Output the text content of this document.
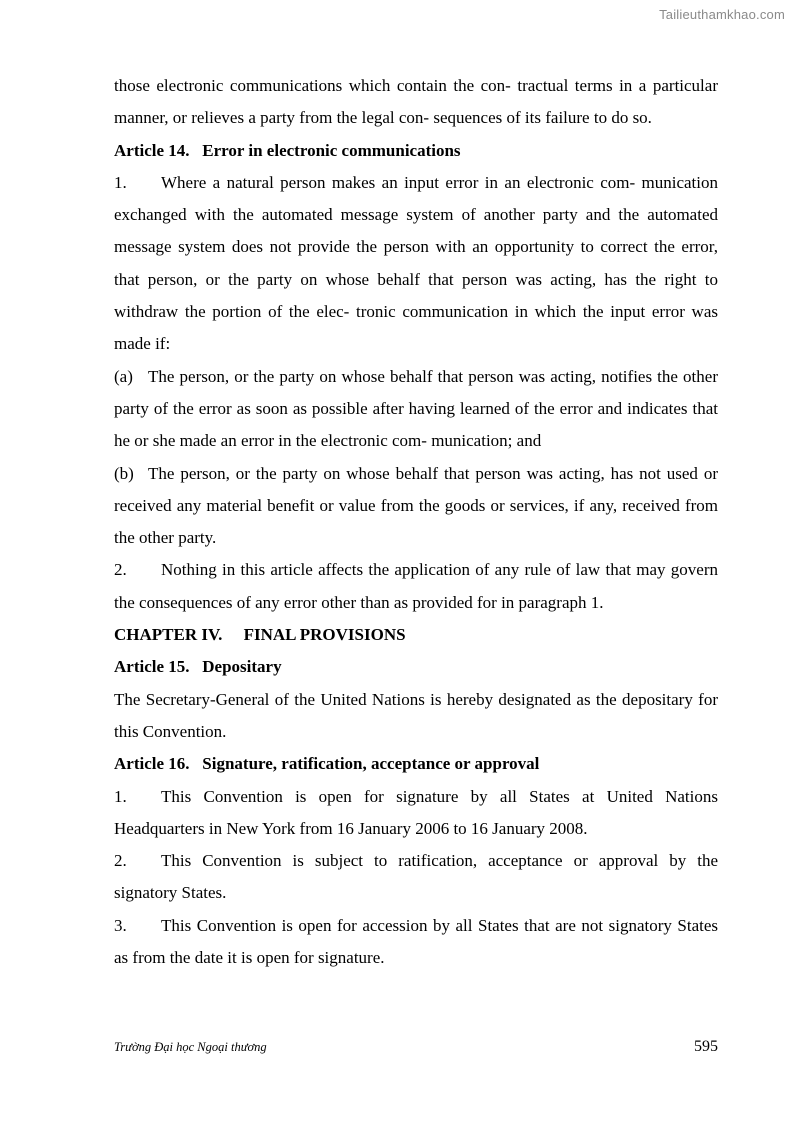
Tailieuthamkhao.com

those electronic communications which contain the con- tractual terms in a particular manner, or relieves a party from the legal con- sequences of its failure to do so.

Article 14.   Error in electronic communications

1. Where a natural person makes an input error in an electronic com- munication exchanged with the automated message system of another party and the automated message system does not provide the person with an opportunity to correct the error, that person, or the party on whose behalf that person was acting, has the right to withdraw the portion of the elec- tronic communication in which the input error was made if:

(a) The person, or the party on whose behalf that person was acting, notifies the other party of the error as soon as possible after having learned of the error and indicates that he or she made an error in the electronic com- munication; and

(b) The person, or the party on whose behalf that person was acting, has not used or received any material benefit or value from the goods or services, if any, received from the other party.

2. Nothing in this article affects the application of any rule of law that may govern the consequences of any error other than as provided for in paragraph 1.

CHAPTER IV.     FINAL PROVISIONS

Article 15.   Depositary

The Secretary-General of the United Nations is hereby designated as the depositary for this Convention.

Article 16.   Signature, ratification, acceptance or approval

1. This Convention is open for signature by all States at United Nations Headquarters in New York from 16 January 2006 to 16 January 2008.

2. This Convention is subject to ratification, acceptance or approval by the signatory States.

3. This Convention is open for accession by all States that are not signatory States as from the date it is open for signature.

Trường Đại học Ngoại thương	595
